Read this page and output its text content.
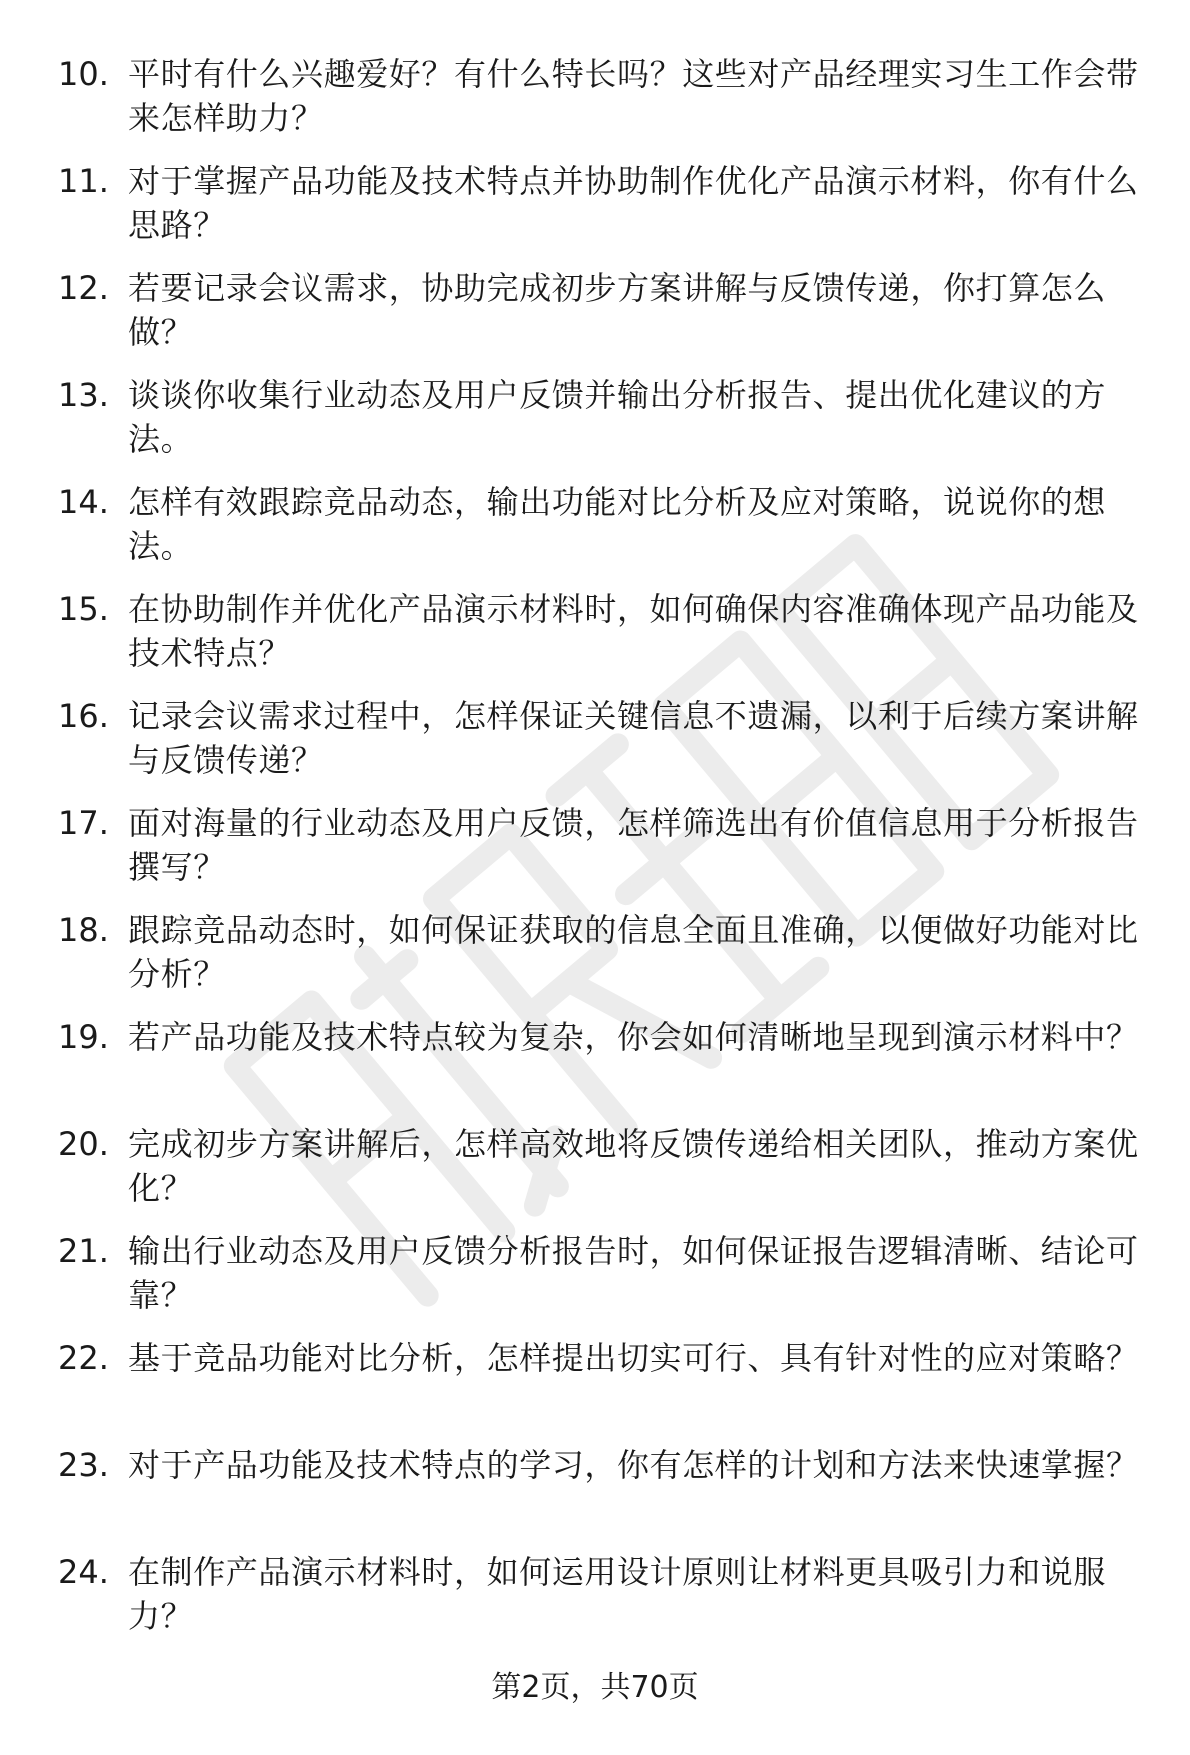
10. 平时有什么兴趣爱好？有什么特长吗？这些对产品经理实习生工作会带来怎样助力？
11. 对于掌握产品功能及技术特点并协助制作优化产品演示材料，你有什么思路？
12. 若要记录会议需求，协助完成初步方案讲解与反馈传递，你打算怎么做？
13. 谈谈你收集行业动态及用户反馈并输出分析报告、提出优化建议的方法。
14. 怎样有效跟踪竞品动态，输出功能对比分析及应对策略，说说你的想法。
15. 在协助制作并优化产品演示材料时，如何确保内容准确体现产品功能及技术特点？
16. 记录会议需求过程中，怎样保证关键信息不遗漏，以利于后续方案讲解与反馈传递？
17. 面对海量的行业动态及用户反馈，怎样筛选出有价值信息用于分析报告撰写？
18. 跟踪竞品动态时，如何保证获取的信息全面且准确，以便做好功能对比分析？
19. 若产品功能及技术特点较为复杂，你会如何清晰地呈现到演示材料中？
20. 完成初步方案讲解后，怎样高效地将反馈传递给相关团队，推动方案优化？
21. 输出行业动态及用户反馈分析报告时，如何保证报告逻辑清晰、结论可靠？
22. 基于竞品功能对比分析，怎样提出切实可行、具有针对性的应对策略？
23. 对于产品功能及技术特点的学习，你有怎样的计划和方法来快速掌握？
24. 在制作产品演示材料时，如何运用设计原则让材料更具吸引力和说服力？
第2页，共70页
